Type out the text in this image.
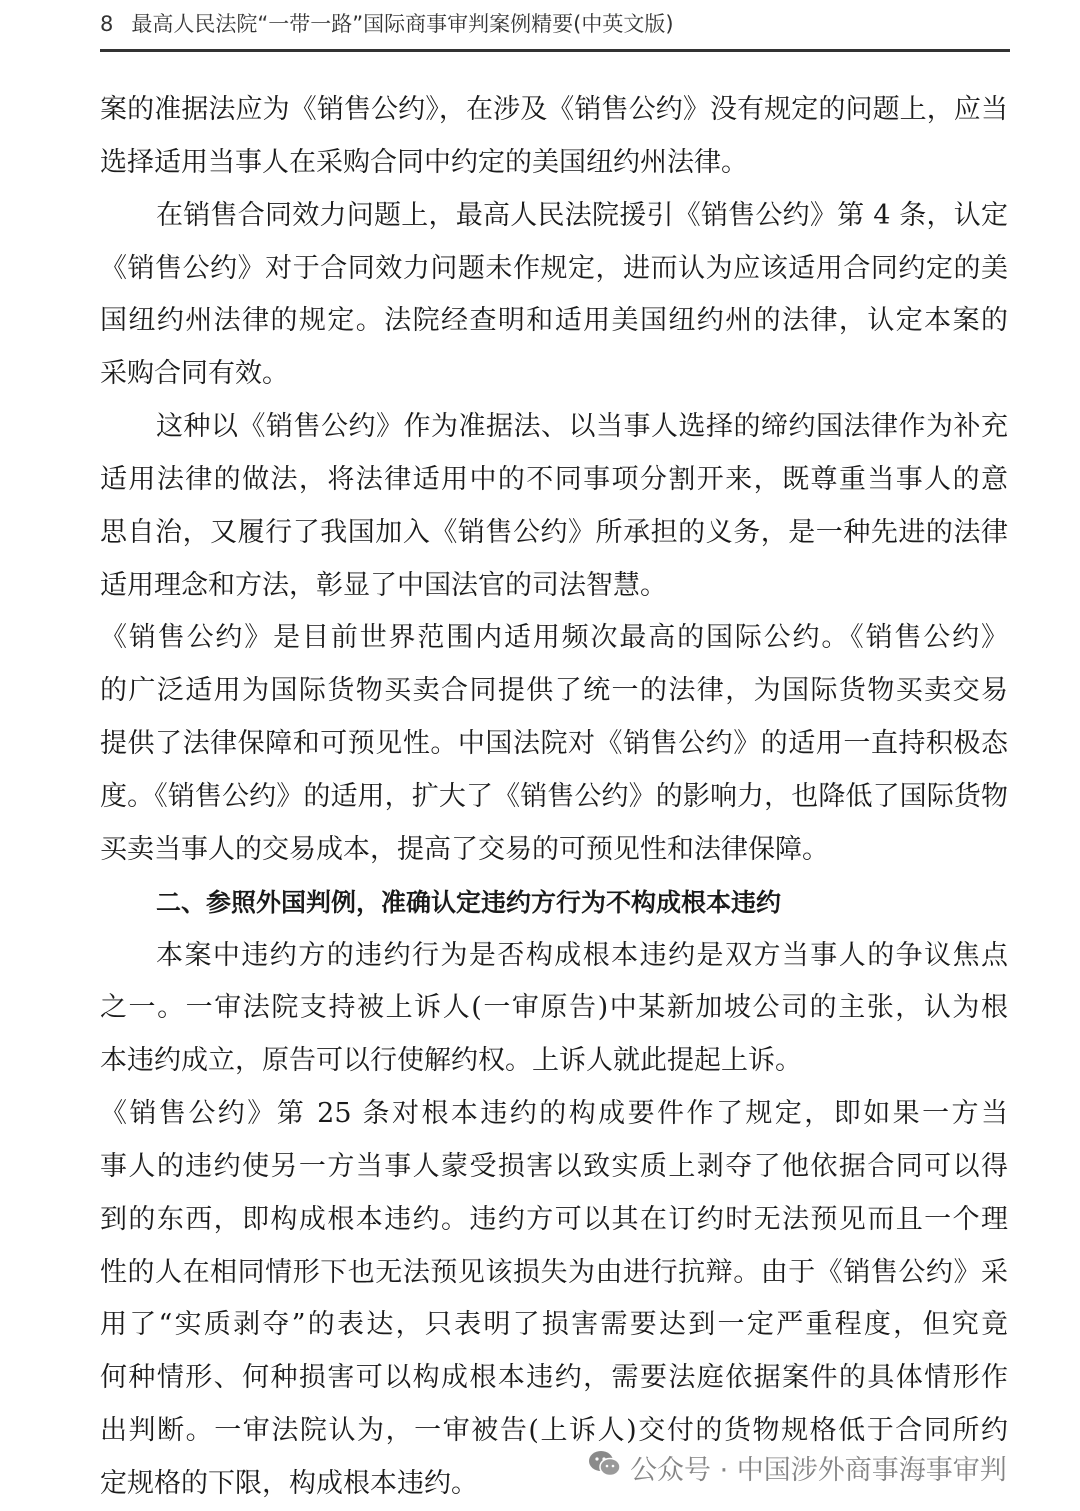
8 最高人民法院“一带一路”国际商事审判案例精要(中英文版)
案的准据法应为《销售公约》，在涉及《销售公约》没有规定的问题上，应当
选择适用当事人在采购合同中约定的美国纽约州法律。
在销售合同效力问题上，最高人民法院援引《销售公约》第 4 条，认定
《销售公约》对于合同效力问题未作规定，进而认为应该适用合同约定的美
国纽约州法律的规定。法院经查明和适用美国纽约州的法律，认定本案的
采购合同有效。
这种以《销售公约》作为准据法、以当事人选择的缔约国法律作为补充
适用法律的做法，将法律适用中的不同事项分割开来，既尊重当事人的意
思自治，又履行了我国加入《销售公约》所承担的义务，是一种先进的法律
适用理念和方法，彰显了中国法官的司法智慧。
《销售公约》是目前世界范围内适用频次最高的国际公约。《销售公约》
的广泛适用为国际货物买卖合同提供了统一的法律，为国际货物买卖交易
提供了法律保障和可预见性。中国法院对《销售公约》的适用一直持积极态
度。《销售公约》的适用，扩大了《销售公约》的影响力，也降低了国际货物
买卖当事人的交易成本，提高了交易的可预见性和法律保障。
二、参照外国判例，准确认定违约方行为不构成根本违约
本案中违约方的违约行为是否构成根本违约是双方当事人的争议焦点
之一。一审法院支持被上诉人(一审原告)中某新加坡公司的主张，认为根
本违约成立，原告可以行使解约权。上诉人就此提起上诉。
《销售公约》第 25 条对根本违约的构成要件作了规定，即如果一方当
事人的违约使另一方当事人蒙受损害以致实质上剥夺了他依据合同可以得
到的东西，即构成根本违约。违约方可以其在订约时无法预见而且一个理
性的人在相同情形下也无法预见该损失为由进行抗辩。由于《销售公约》采
用了“实质剥夺”的表达，只表明了损害需要达到一定严重程度，但究竟
何种情形、何种损害可以构成根本违约，需要法庭依据案件的具体情形作
出判断。一审法院认为，一审被告(上诉人)交付的货物规格低于合同所约
定规格的下限，构成根本违约。	公众号 · 中国涉外商事海事审判
